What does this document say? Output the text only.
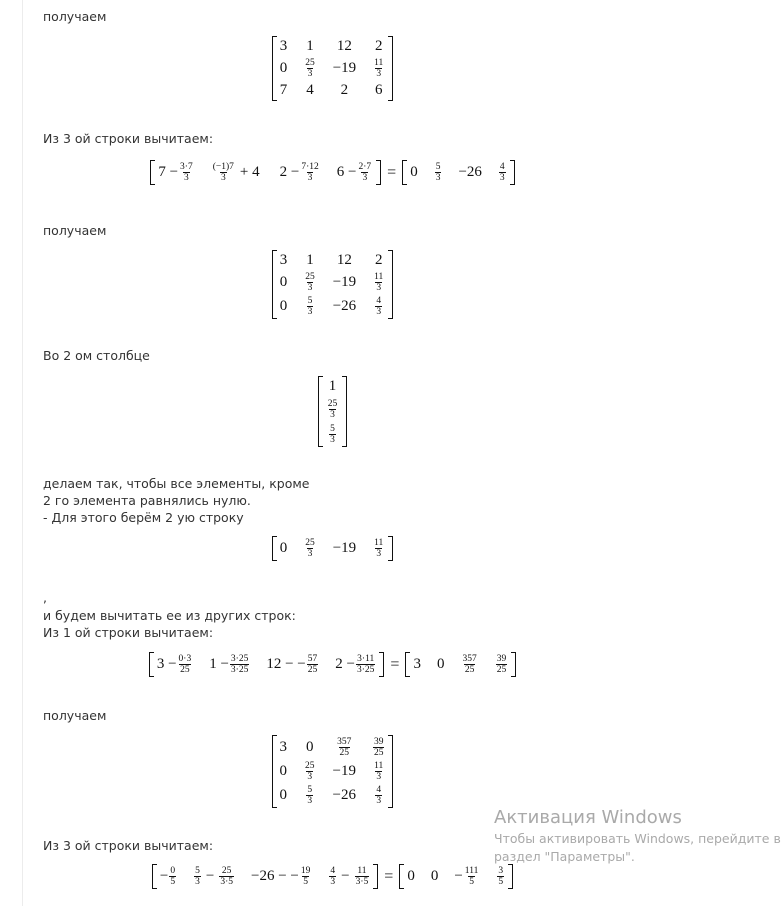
получаем
3 1 12 2
$0 \frac{25}{3} -19 \frac{11}{3}$
7 4 2 6
Из 3 ой строки вычитаем:
$7 - \frac{3\cdot 7}{3} \frac{(-1)7}{3} + 4$ $2 - \frac{7\cdot 12}{3} 6 - \frac{2\cdot 7}{3} = 0 \frac{5}{3} -26 \frac{4}{3}$
получаем
3 1 12 2
$0 \frac{25}{3} -19 \frac{11}{3}$
$0 \frac{5}{3} -26 \frac{4}{3}$
Во 2 ом столбце
1
$\frac{25}{3}$
$\frac{5}{3}$
делаем так, чтобы все элементы, кроме
2 го элемента равнялись нулю.
- Для этого берём 2 ую строку
$0 \frac{25}{3} -19 \frac{11}{3}$
,
и будем вычитать ее из других строк:
Из 1 ой строки вычитаем:
$3 - \frac{0\cdot 3}{25} 1 - \frac{3\cdot 25}{3\cdot 25} 12$ − − $\frac{57}{25} 2 - \frac{3\cdot 11}{3\cdot 25} = 3$ $0 \frac{357}{25} \frac{39}{25}$
получаем
3 $0 \frac{357}{25} \frac{39}{25}$
$0 \frac{25}{3} -19 \frac{11}{3}$
$0 \frac{5}{3} -26 \frac{4}{3}$
Из 3 ой строки вычитаем:
− $\frac{0}{5} \frac{5}{3} - \frac{25}{3\cdot 5} -26$ − − $\frac{19}{5} \frac{4}{3} - \frac{11}{3\cdot 5} = 0$ $0 - \frac{111}{5} \frac{3}{5}$
Активация Windows
Чтобы активировать Windows, перейдите в
раздел "Параметры".
